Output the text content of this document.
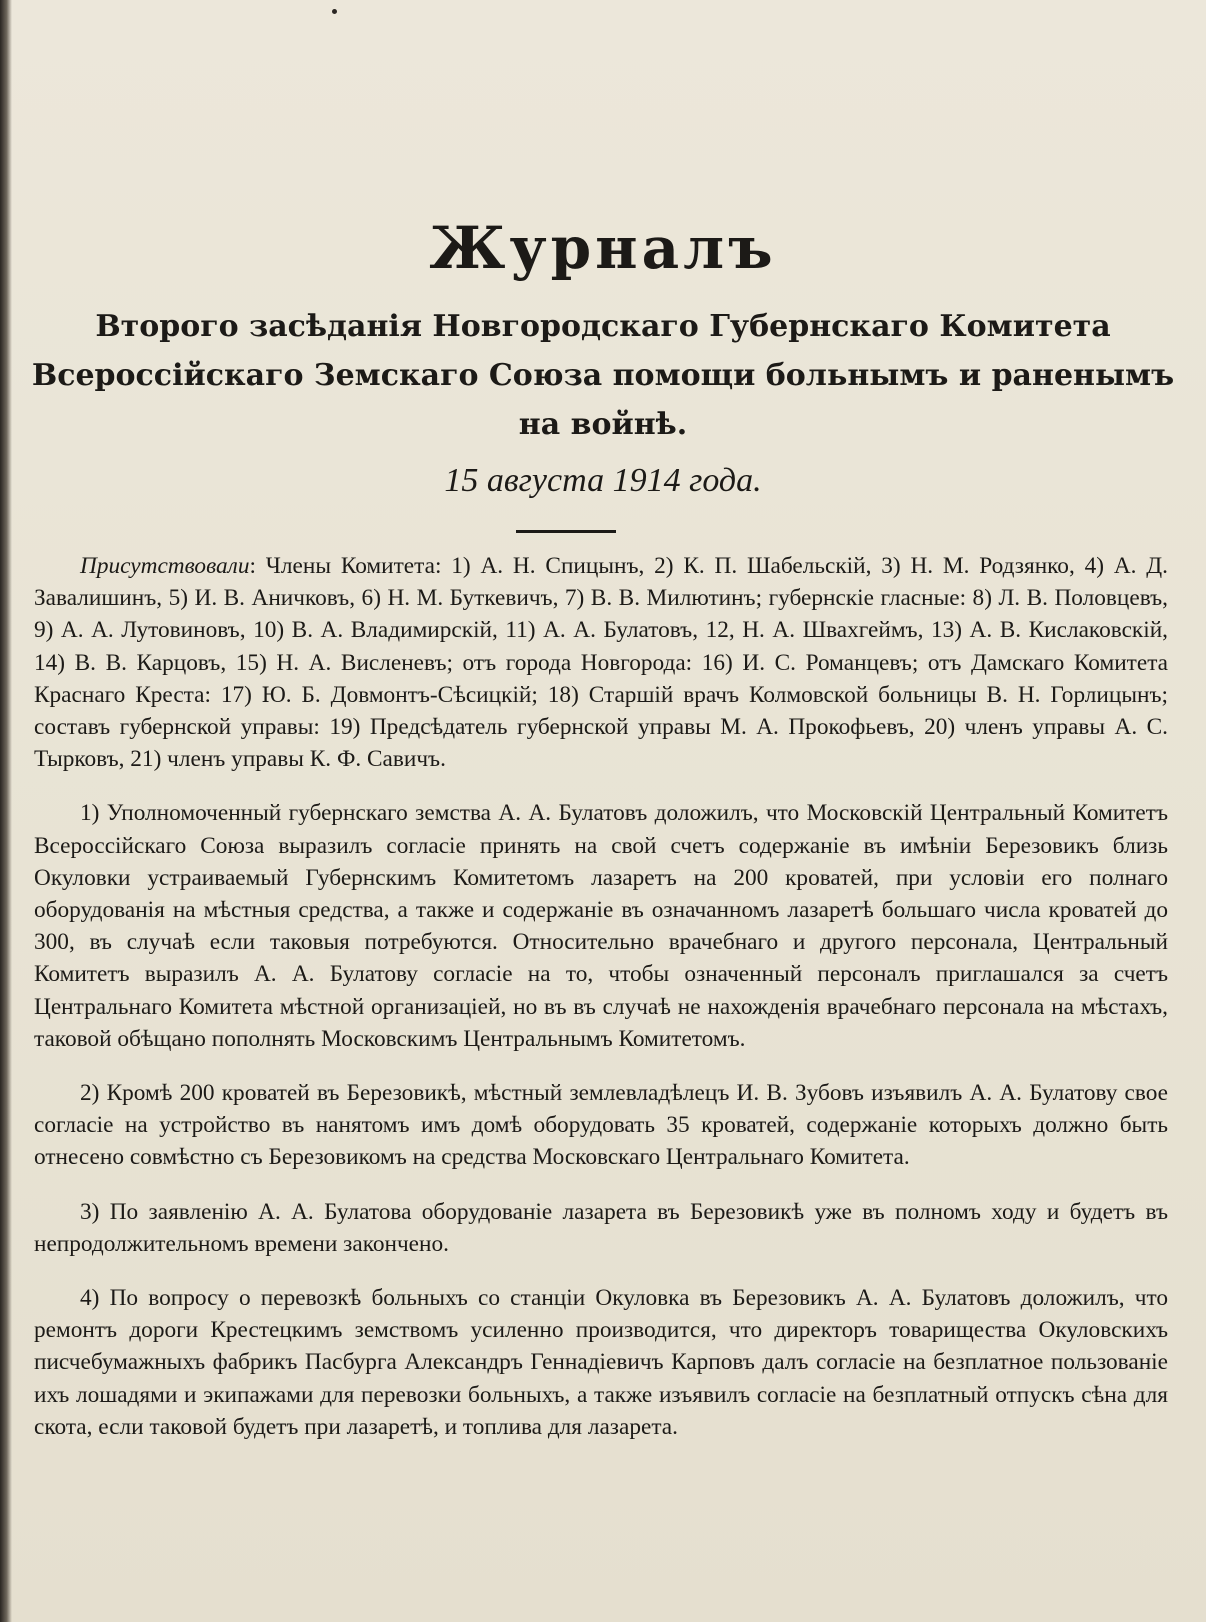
Журналъ
Второго засѣданія Новгородскаго Губернскаго Комитета Всероссійскаго Земскаго Союза помощи больнымъ и раненымъ на войнѣ.
15 августа 1914 года.

Присутствовали: Члены Комитета: 1) А. Н. Спицынъ, 2) К. П. Шабельскій, 3) Н. М. Родзянко, 4) А. Д. Завалишинъ, 5) И. В. Аничковъ, 6) Н. М. Буткевичъ, 7) В. В. Милютинъ; губернскіе гласные: 8) Л. В. Половцевъ, 9) А. А. Лутовиновъ, 10) В. А. Владимирскій, 11) А. А. Булатовъ, 12, Н. А. Швахгеймъ, 13) А. В. Кислаковскій, 14) В. В. Карцовъ, 15) Н. А. Висленевъ; отъ города Новгорода: 16) И. С. Романцевъ; отъ Дамскаго Комитета Краснаго Креста: 17) Ю. Б. Довмонтъ-Сѣсицкій; 18) Старшій врачъ Колмовской больницы В. Н. Горлицынъ; составъ губернской управы: 19) Предсѣдатель губернской управы М. А. Прокофьевъ, 20) членъ управы А. С. Тырковъ, 21) членъ управы К. Ф. Савичъ.

1) Уполномоченный губернскаго земства А. А. Булатовъ доложилъ, что Московскій Центральный Комитетъ Всероссійскаго Союза выразилъ согласіе принять на свой счетъ содержаніе въ имѣніи Березовикъ близь Окуловки устраиваемый Губернскимъ Комитетомъ лазаретъ на 200 кроватей, при условіи его полнаго оборудованія на мѣстныя средства, а также и содержаніе въ означанномъ лазаретѣ большаго числа кроватей до 300, въ случаѣ если таковыя потребуются. Относительно врачебнаго и другого персонала, Центральный Комитетъ выразилъ А. А. Булатову согласіе на то, чтобы означенный персоналъ приглашался за счетъ Центральнаго Комитета мѣстной организаціей, но въ въ случаѣ не нахожденія врачебнаго персонала на мѣстахъ, таковой обѣщано пополнять Московскимъ Центральнымъ Комитетомъ.

2) Кромѣ 200 кроватей въ Березовикѣ, мѣстный землевладѣлецъ И. В. Зубовъ изъявилъ А. А. Булатову свое согласіе на устройство въ нанятомъ имъ домѣ оборудовать 35 кроватей, содержаніе которыхъ должно быть отнесено совмѣстно съ Березовикомъ на средства Московскаго Центральнаго Комитета.

3) По заявленію А. А. Булатова оборудованіе лазарета въ Березовикѣ уже въ полномъ ходу и будетъ въ непродолжительномъ времени закончено.

4) По вопросу о перевозкѣ больныхъ со станціи Окуловка въ Березовикъ А. А. Булатовъ доложилъ, что ремонтъ дороги Крестецкимъ земствомъ усиленно производится, что директоръ товарищества Окуловскихъ писчебумажныхъ фабрикъ Пасбурга Александръ Геннадіевичъ Карповъ далъ согласіе на безплатное пользованіе ихъ лошадями и экипажами для перевозки больныхъ, а также изъявилъ согласіе на безплатный отпускъ сѣна для скота, если таковой будетъ при лазаретѣ, и топлива для лазарета.
